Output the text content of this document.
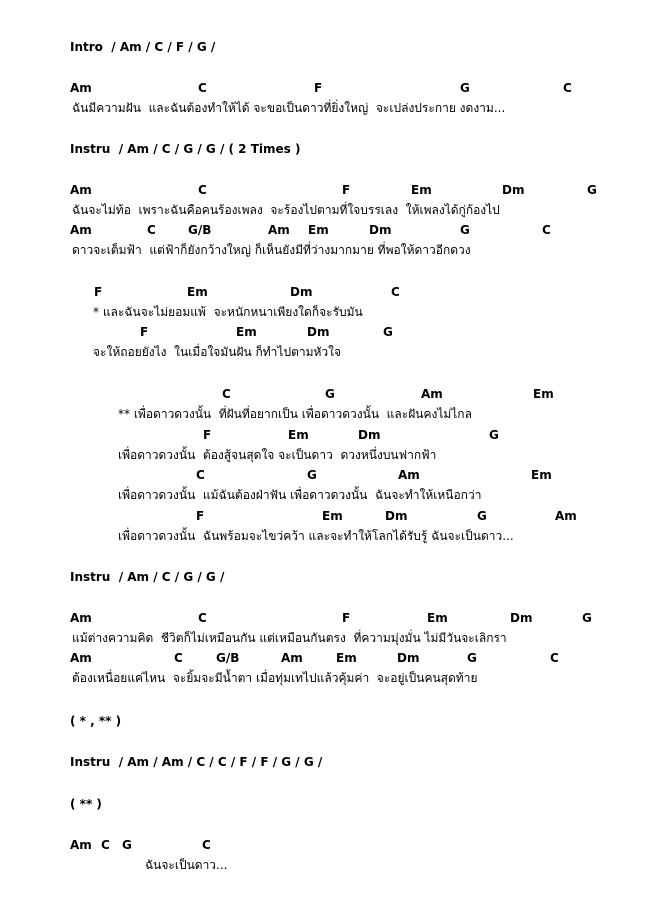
Intro  / Am / C / F / G /
Am	C	F	G	C
ฉันมีความฝัน  และฉันต้องทำให้ได้ จะขอเป็นดาวที่ยิ่งใหญ่  จะเปล่งประกาย งดงาม...
Instru  / Am / C / G / G / ( 2 Times )
Am	C	F	Em	Dm	G
ฉันจะไม่ท้อ  เพราะฉันคือคนร้องเพลง  จะร้องไปตามที่ใจบรรเลง  ให้เพลงได้กู่ก้องไป
Am	C	G/B	Am Em	Dm	G	C
ดาวจะเต็มฟ้า  แต่ฟ้าก็ยังกว้างใหญ่ ก็เห็นยังมีที่ว่างมากมาย ที่พอให้ดาวอีกดวง
F	Em	Dm	C
* และฉันจะไม่ยอมแพ้  จะหนักหนาเพียงใดก็จะรับมัน
F	Em	Dm	G
จะให้ถอยยังไง  ในเมื่อใจมันฝัน ก็ทำไปตามหัวใจ
C	G	Am	Em
** เพื่อดาวดวงนั้น  ที่ฝันที่อยากเป็น เพื่อดาวดวงนั้น  และฝันคงไม่ไกล
F	Em	Dm	G
เพื่อดาวดวงนั้น  ต้องสู้จนสุดใจ จะเป็นดาว  ดวงหนึ่งบนฟากฟ้า
C	G	Am	Em
เพื่อดาวดวงนั้น  แม้ฉันต้องฝ่าฟัน เพื่อดาวดวงนั้น  ฉันจะทำให้เหนือกว่า
F	Em	Dm	G	Am
เพื่อดาวดวงนั้น  ฉันพร้อมจะไขว่คว้า และจะทำให้โลกได้รับรู้ ฉันจะเป็นดาว...
Instru  / Am / C / G / G /
Am	C	F	Em	Dm	G
แม้ต่างความคิด  ชีวิตก็ไม่เหมือนกัน แต่เหมือนกันตรง  ที่ความมุ่งมั่น ไม่มีวันจะเลิกรา
Am	C	G/B	Am	Em	Dm	G	C
ต้องเหนื่อยแค่ไหน  จะยิ้มจะมีน้ำตา เมื่อทุ่มเทไปแล้วคุ้มค่า  จะอยู่เป็นคนสุดท้าย
( * , ** )
Instru  / Am / Am / C / C / F / F / G / G /
( ** )
Am C G	C
ฉันจะเป็นดาว...
